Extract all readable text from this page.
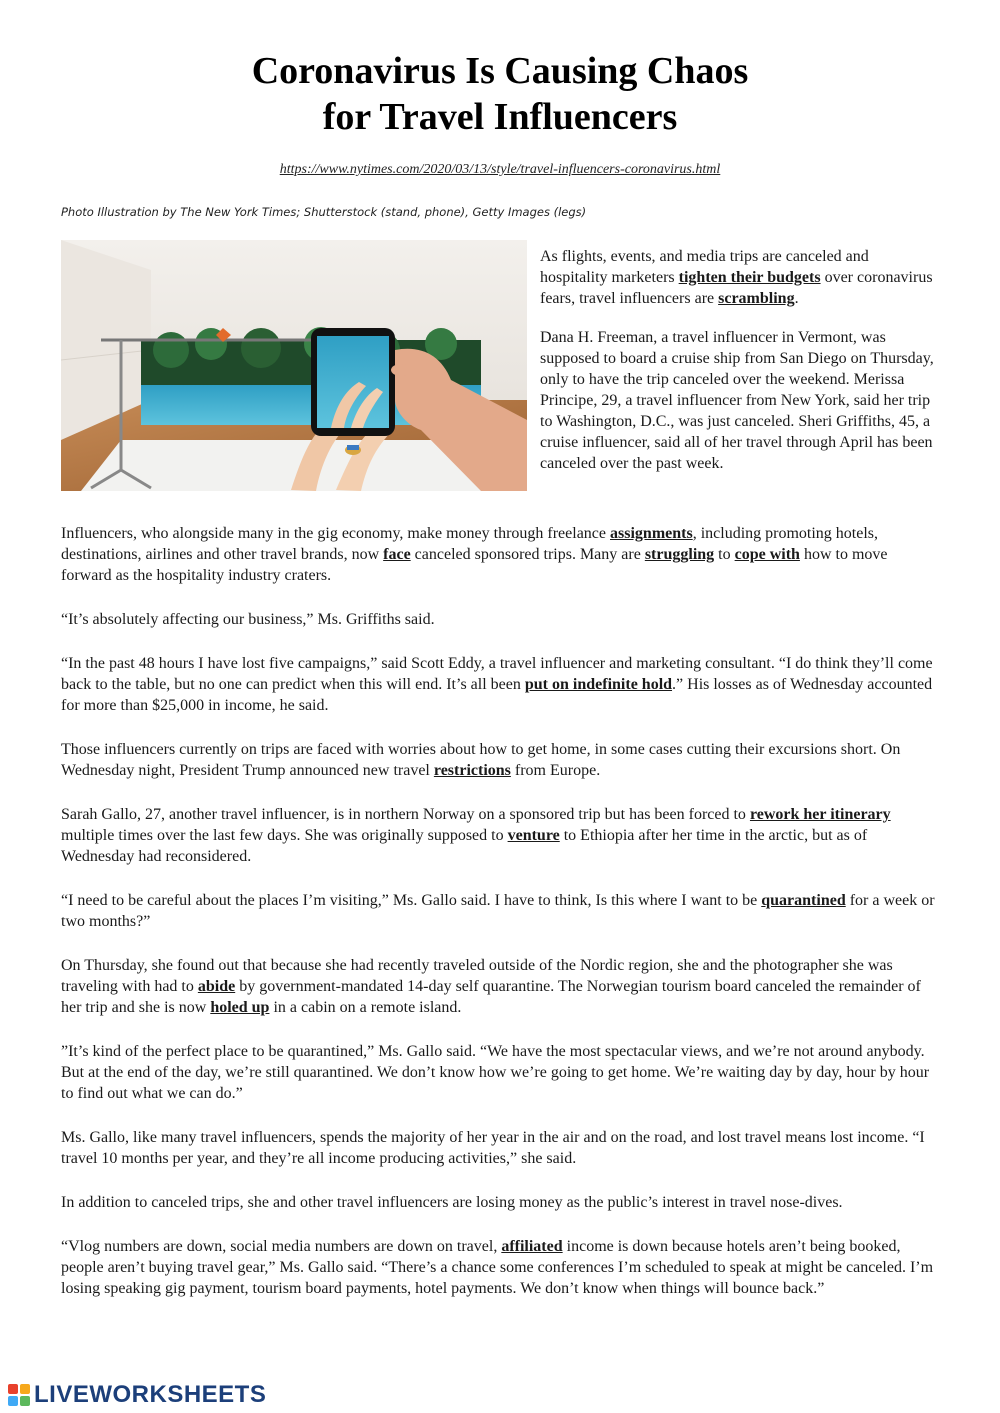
Coronavirus Is Causing Chaos
for Travel Influencers
https://www.nytimes.com/2020/03/13/style/travel-influencers-coronavirus.html
Photo Illustration by The New York Times; Shutterstock (stand, phone), Getty Images (legs)

As flights, events, and media trips are canceled and hospitality marketers tighten their budgets over coronavirus fears, travel influencers are scrambling.

Dana H. Freeman, a travel influencer in Vermont, was supposed to board a cruise ship from San Diego on Thursday, only to have the trip canceled over the weekend. Merissa Principe, 29, a travel influencer from New York, said her trip to Washington, D.C., was just canceled. Sheri Griffiths, 45, a cruise influencer, said all of her travel through April has been canceled over the past week.

Influencers, who alongside many in the gig economy, make money through freelance assignments, including promoting hotels, destinations, airlines and other travel brands, now face canceled sponsored trips. Many are struggling to cope with how to move forward as the hospitality industry craters.

“It’s absolutely affecting our business,” Ms. Griffiths said.

“In the past 48 hours I have lost five campaigns,” said Scott Eddy, a travel influencer and marketing consultant. “I do think they’ll come back to the table, but no one can predict when this will end. It’s all been put on indefinite hold.” His losses as of Wednesday accounted for more than $25,000 in income, he said.

Those influencers currently on trips are faced with worries about how to get home, in some cases cutting their excursions short. On Wednesday night, President Trump announced new travel restrictions from Europe.

Sarah Gallo, 27, another travel influencer, is in northern Norway on a sponsored trip but has been forced to rework her itinerary multiple times over the last few days. She was originally supposed to venture to Ethiopia after her time in the arctic, but as of Wednesday had reconsidered.

“I need to be careful about the places I’m visiting,” Ms. Gallo said. I have to think, Is this where I want to be quarantined for a week or two months?”

On Thursday, she found out that because she had recently traveled outside of the Nordic region, she and the photographer she was traveling with had to abide by government-mandated 14-day self quarantine. The Norwegian tourism board canceled the remainder of her trip and she is now holed up in a cabin on a remote island.

”It’s kind of the perfect place to be quarantined,” Ms. Gallo said. “We have the most spectacular views, and we’re not around anybody. But at the end of the day, we’re still quarantined. We don’t know how we’re going to get home. We’re waiting day by day, hour by hour to find out what we can do.”

Ms. Gallo, like many travel influencers, spends the majority of her year in the air and on the road, and lost travel means lost income. “I travel 10 months per year, and they’re all income producing activities,” she said.

In addition to canceled trips, she and other travel influencers are losing money as the public’s interest in travel nose-dives.

“Vlog numbers are down, social media numbers are down on travel, affiliated income is down because hotels aren’t being booked, people aren’t buying travel gear,” Ms. Gallo said. “There’s a chance some conferences I’m scheduled to speak at might be canceled. I’m losing speaking gig payment, tourism board payments, hotel payments. We don’t know when things will bounce back.”

LIVEWORKSHEETS
